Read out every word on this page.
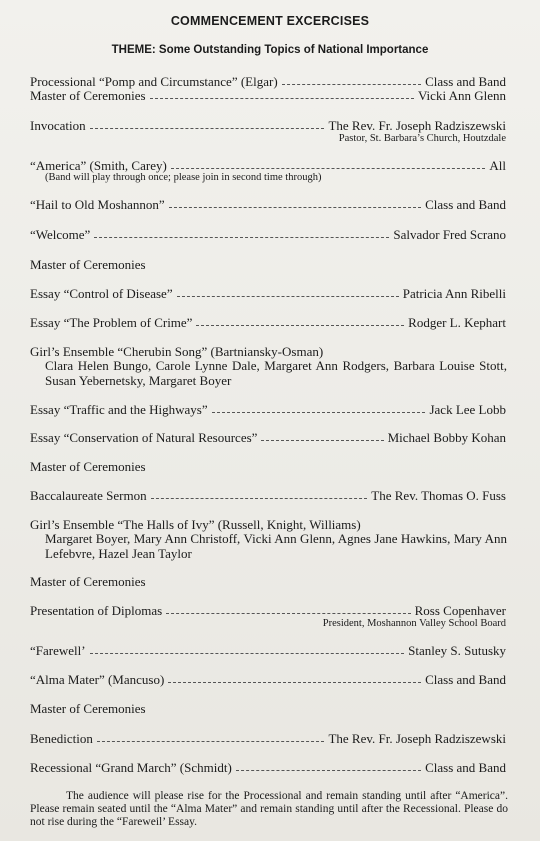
COMMENCEMENT EXCERCISES
THEME: Some Outstanding Topics of National Importance
Processional “Pomp and Circumstance” (Elgar)	Class and Band
Master of Ceremonies	Vicki Ann Glenn
Invocation	The Rev. Fr. Joseph Radziszewski
Pastor, St. Barbara’s Church, Houtzdale
“America” (Smith, Carey)	All
(Band will play through once; please join in second time through)
“Hail to Old Moshannon”	Class and Band
“Welcome”	Salvador Fred Scrano
Master of Ceremonies
Essay “Control of Disease”	Patricia Ann Ribelli
Essay “The Problem of Crime”	Rodger L. Kephart
Girl’s Ensemble “Cherubin Song” (Bartniansky-Osman)
Clara Helen Bungo, Carole Lynne Dale, Margaret Ann Rodgers, Barbara Louise Stott, Susan Yebernetsky, Margaret Boyer
Essay “Traffic and the Highways”	Jack Lee Lobb
Essay “Conservation of Natural Resources”	Michael Bobby Kohan
Master of Ceremonies
Baccalaureate Sermon	The Rev. Thomas O. Fuss
Girl’s Ensemble “The Halls of Ivy” (Russell, Knight, Williams)
Margaret Boyer, Mary Ann Christoff, Vicki Ann Glenn, Agnes Jane Hawkins, Mary Ann Lefebvre, Hazel Jean Taylor
Master of Ceremonies
Presentation of Diplomas	Ross Copenhaver
President, Moshannon Valley School Board
“Farewell’	Stanley S. Sutusky
“Alma Mater” (Mancuso)	Class and Band
Master of Ceremonies
Benediction	The Rev. Fr. Joseph Radziszewski
Recessional “Grand March” (Schmidt)	Class and Band
The audience will please rise for the Processional and remain standing until after “America”. Please remain seated until the “Alma Mater” and remain standing until after the Recessional. Please do not rise during the “Fareweil’ Essay.
